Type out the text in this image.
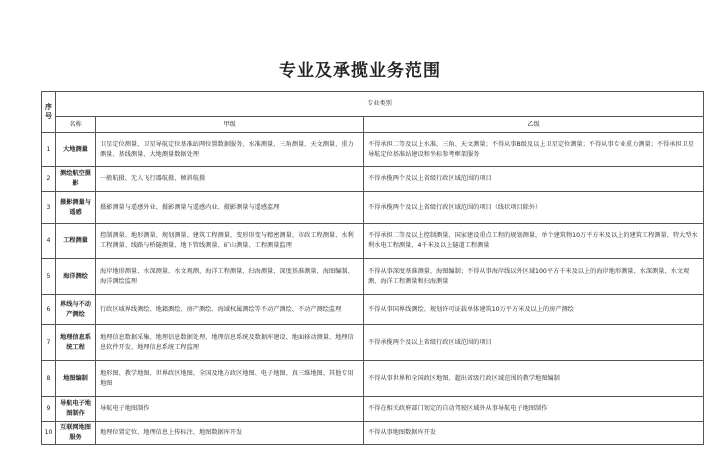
专业及承揽业务范围
序号	专业类别		
	名称	甲级	乙级
1	大地测量	卫星定位测量、卫星导航定位基准站网位置数据服务、水准测量、三角测量、天文测量、重力测量、基线测量、大地测量数据处理	不得承担二等及以上水准、三角、天文测量；不得从事B级及以上卫星定位测量；不得从事专业重力测量；不得承担卫星导航定位基准站建设和坐标参考框架服务
2	测绘航空摄影	一般航摄、无人飞行器航摄、倾斜航摄	不得承揽两个及以上省级行政区域范围的项目
3	摄影测量与遥感	摄影测量与遥感外业、摄影测量与遥感内业、摄影测量与遥感监理	不得承揽两个及以上省级行政区域范围的项目（线状项目除外）
4	工程测量	控制测量、地形测量、规划测量、建筑工程测量、变形形变与精密测量、市政工程测量、水利工程测量、线路与桥隧测量、地下管线测量、矿山测量、工程测量监理	不得承担二等及以上控制测量、国家建设重点工程的规划测量，单个建筑物10万平方米及以上的建筑工程测量、特大型水利水电工程测量、4千米及以上隧道工程测量
5	海洋测绘	海岸地形测量、水深测量、水文观测、海洋工程测量、扫海测量、深度基准测量、海图编制、海洋测绘监理	不得从事深度基准测量、海图编制；不得从事海岸线以外区域100平方千米及以上的海岸地形测量、水深测量、水文观测、海洋工程测量和扫海测量
6	界线与不动产测绘	行政区域界线测绘、地籍测绘、房产测绘、海域权属测绘等不动产测绘、不动产测绘监理	不得从事国界线测绘、规划许可证载单体建筑10万平方米及以上的房产测绘
7	地理信息系统工程	地理信息数据采集、地理信息数据处理、地理信息系统及数据库建设、地面移动测量、地理信息软件开发、地理信息系统工程监理	不得承揽两个及以上省级行政区域范围的项目
8	地图编制	地形图、教学地图、世界政区地图、全国及地方政区地图、电子地图、真三维地图、其他专用地图	不得从事世界和全国政区地图、超出省级行政区域范围的教学地图编制
9	导航电子地图制作	导航电子地图制作	不得在相关政府部门划定的自动驾驶区域外从事导航电子地图制作
10	互联网地图服务	地理位置定位、地理信息上传标注、地图数据库开发	不得从事地图数据库开发
